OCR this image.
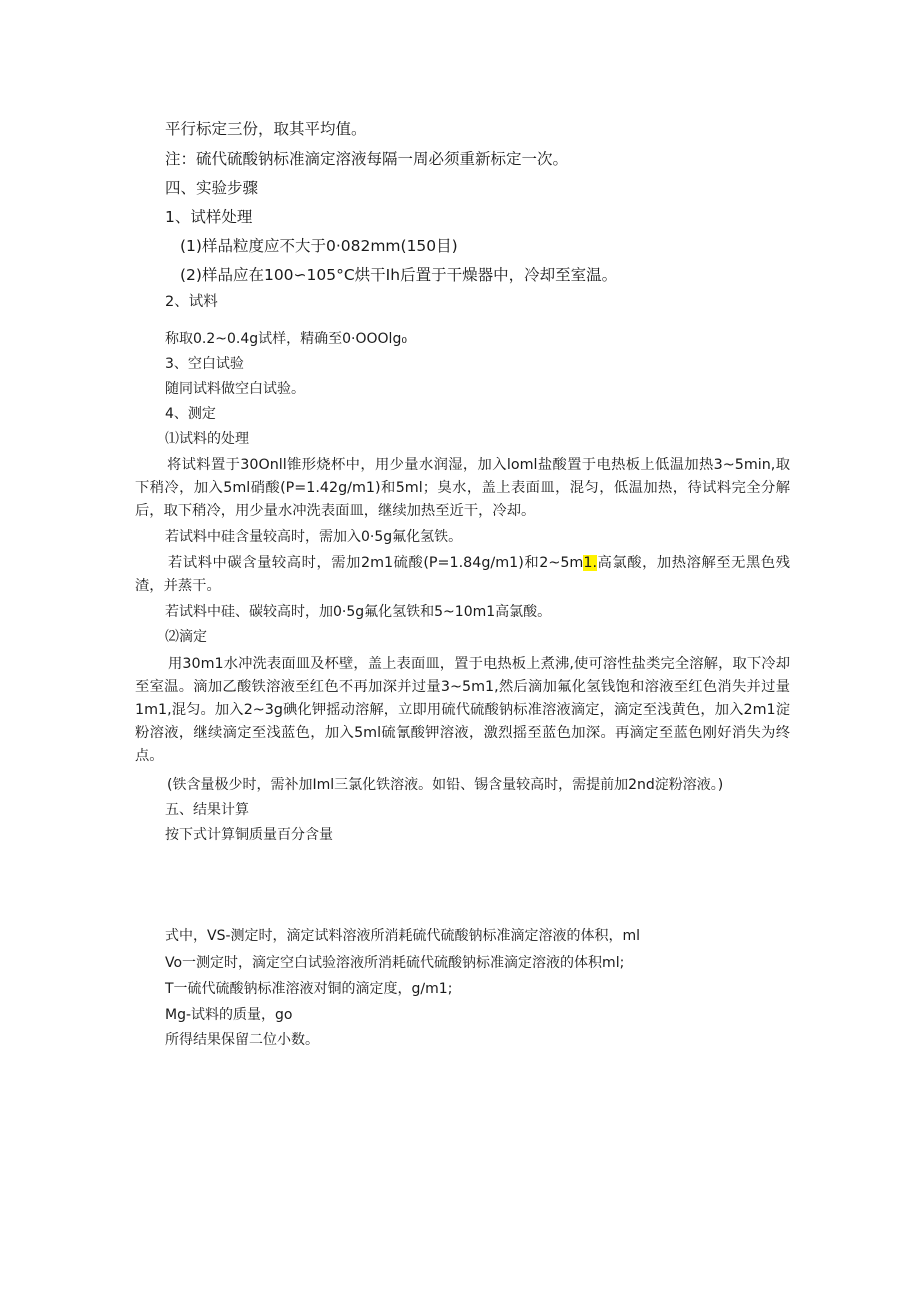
平行标定三份，取其平均值。
注：硫代硫酸钠标准滴定溶液每隔一周必须重新标定一次。
四、实验步骤
1、试样处理
(1)样品粒度应不大于0·082mm(150目)
(2)样品应在100∽105°C烘干Ih后置于干燥器中，冷却至室温。
2、试料
称取0.2~0.4g试样，精确至0·OOOlg₀
3、空白试验
随同试料做空白试验。
4、测定
⑴试料的处理
将试料置于30Onll锥形烧杯中，用少量水润湿，加入loml盐酸置于电热板上低温加热3~5min,取下稍冷，加入5ml硝酸(P=1.42g∕m1)和5ml；臭水，盖上表面皿，混匀，低温加热，待试料完全分解后，取下稍冷，用少量水冲洗表面皿，继续加热至近干，冷却。
若试料中硅含量较高时，需加入0·5g氟化氢铁。
若试料中碳含量较高时，需加2m1硫酸(P=1.84g∕m1)和2~5m1.高氯酸，加热溶解至无黑色残渣，并蒸干。
若试料中硅、碳较高时，加0·5g氟化氢铁和5~10m1高氯酸。
⑵滴定
用30m1水冲洗表面皿及杯壁，盖上表面皿，置于电热板上煮沸,使可溶性盐类完全溶解，取下冷却至室温。滴加乙酸铁溶液至红色不再加深并过量3~5m1,然后滴加氟化氢钱饱和溶液至红色消失并过量1m1,混匀。加入2~3g碘化钾摇动溶解，立即用硫代硫酸钠标准溶液滴定，滴定至浅黄色，加入2m1淀粉溶液，继续滴定至浅蓝色，加入5ml硫氰酸钾溶液，激烈摇至蓝色加深。再滴定至蓝色刚好消失为终点。
(铁含量极少时，需补加Iml三氯化铁溶液。如铅、锡含量较高时，需提前加2nd淀粉溶液。)
五、结果计算
按下式计算铜质量百分含量
式中，VS-测定时，滴定试料溶液所消耗硫代硫酸钠标准滴定溶液的体积，ml
Vo一测定时，滴定空白试验溶液所消耗硫代硫酸钠标准滴定溶液的体积ml;
T一硫代硫酸钠标准溶液对铜的滴定度，g∕m1;
Mg-试料的质量，go
所得结果保留二位小数。
